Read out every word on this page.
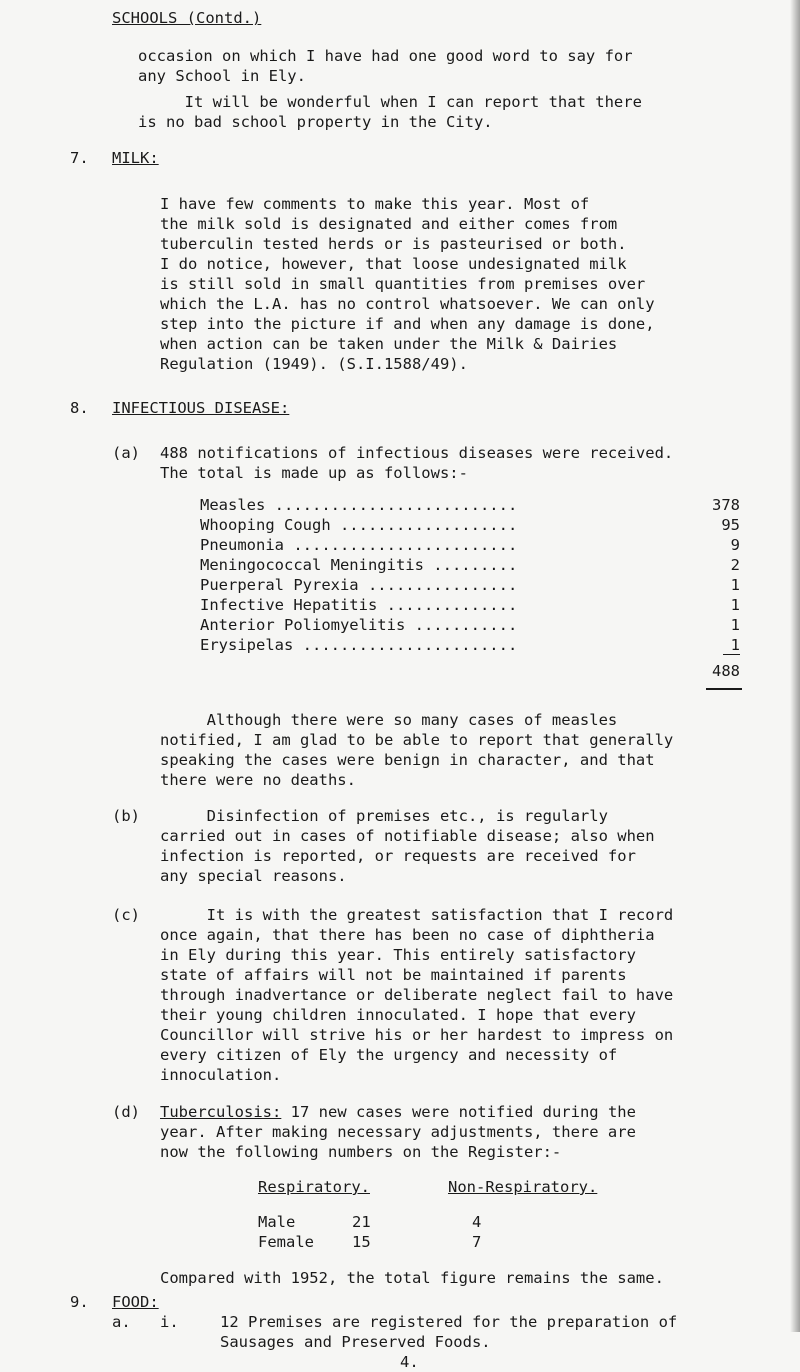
SCHOOLS (Contd.)
occasion on which I have had one good word to say for
any School in Ely.
It will be wonderful when I can report that there
is no bad school property in the City.
7. MILK:
I have few comments to make this year. Most of
the milk sold is designated and either comes from
tuberculin tested herds or is pasteurised or both.
I do notice, however, that loose undesignated milk
is still sold in small quantities from premises over
which the L.A. has no control whatsoever. We can only
step into the picture if and when any damage is done,
when action can be taken under the Milk & Dairies
Regulation (1949). (S.I.1588/49).
8. INFECTIOUS DISEASE:
(a) 488 notifications of infectious diseases were received.
The total is made up as follows:-
Measles ..........................	378
Whooping Cough ...................	95
Pneumonia ........................	9
Meningococcal Meningitis .........	2
Puerperal Pyrexia ................	1
Infective Hepatitis ..............	1
Anterior Poliomyelitis ...........	1
Erysipelas .......................	1
488
Although there were so many cases of measles
notified, I am glad to be able to report that generally
speaking the cases were benign in character, and that
there were no deaths.
(b) Disinfection of premises etc., is regularly
carried out in cases of notifiable disease; also when
infection is reported, or requests are received for
any special reasons.
(c) It is with the greatest satisfaction that I record
once again, that there has been no case of diphtheria
in Ely during this year. This entirely satisfactory
state of affairs will not be maintained if parents
through inadvertance or deliberate neglect fail to have
their young children innoculated. I hope that every
Councillor will strive his or her hardest to impress on
every citizen of Ely the urgency and necessity of
innoculation.
(d) Tuberculosis: 17 new cases were notified during the
year. After making necessary adjustments, there are
now the following numbers on the Register:-
Respiratory.	Non-Respiratory.
Male	21	4
Female 15	7
Compared with 1952, the total figure remains the same.
9. FOOD:
a. i.	12 Premises are registered for the preparation of
Sausages and Preserved Foods.
4.
